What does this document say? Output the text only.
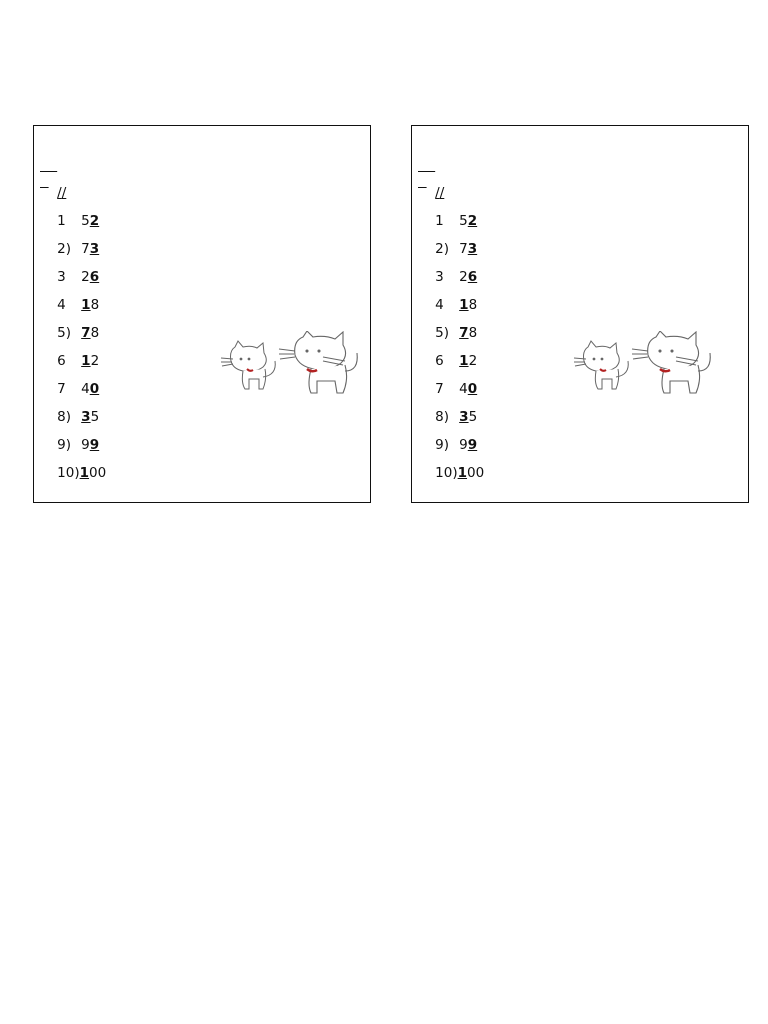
//

1 52

2) 73

3 26

4 18

5) 78

6 12

7 40

8) 35

9) 99

10)100

//

1 52

2) 73

3 26

4 18

5) 78

6 12

7 40

8) 35

9) 99

10)100
